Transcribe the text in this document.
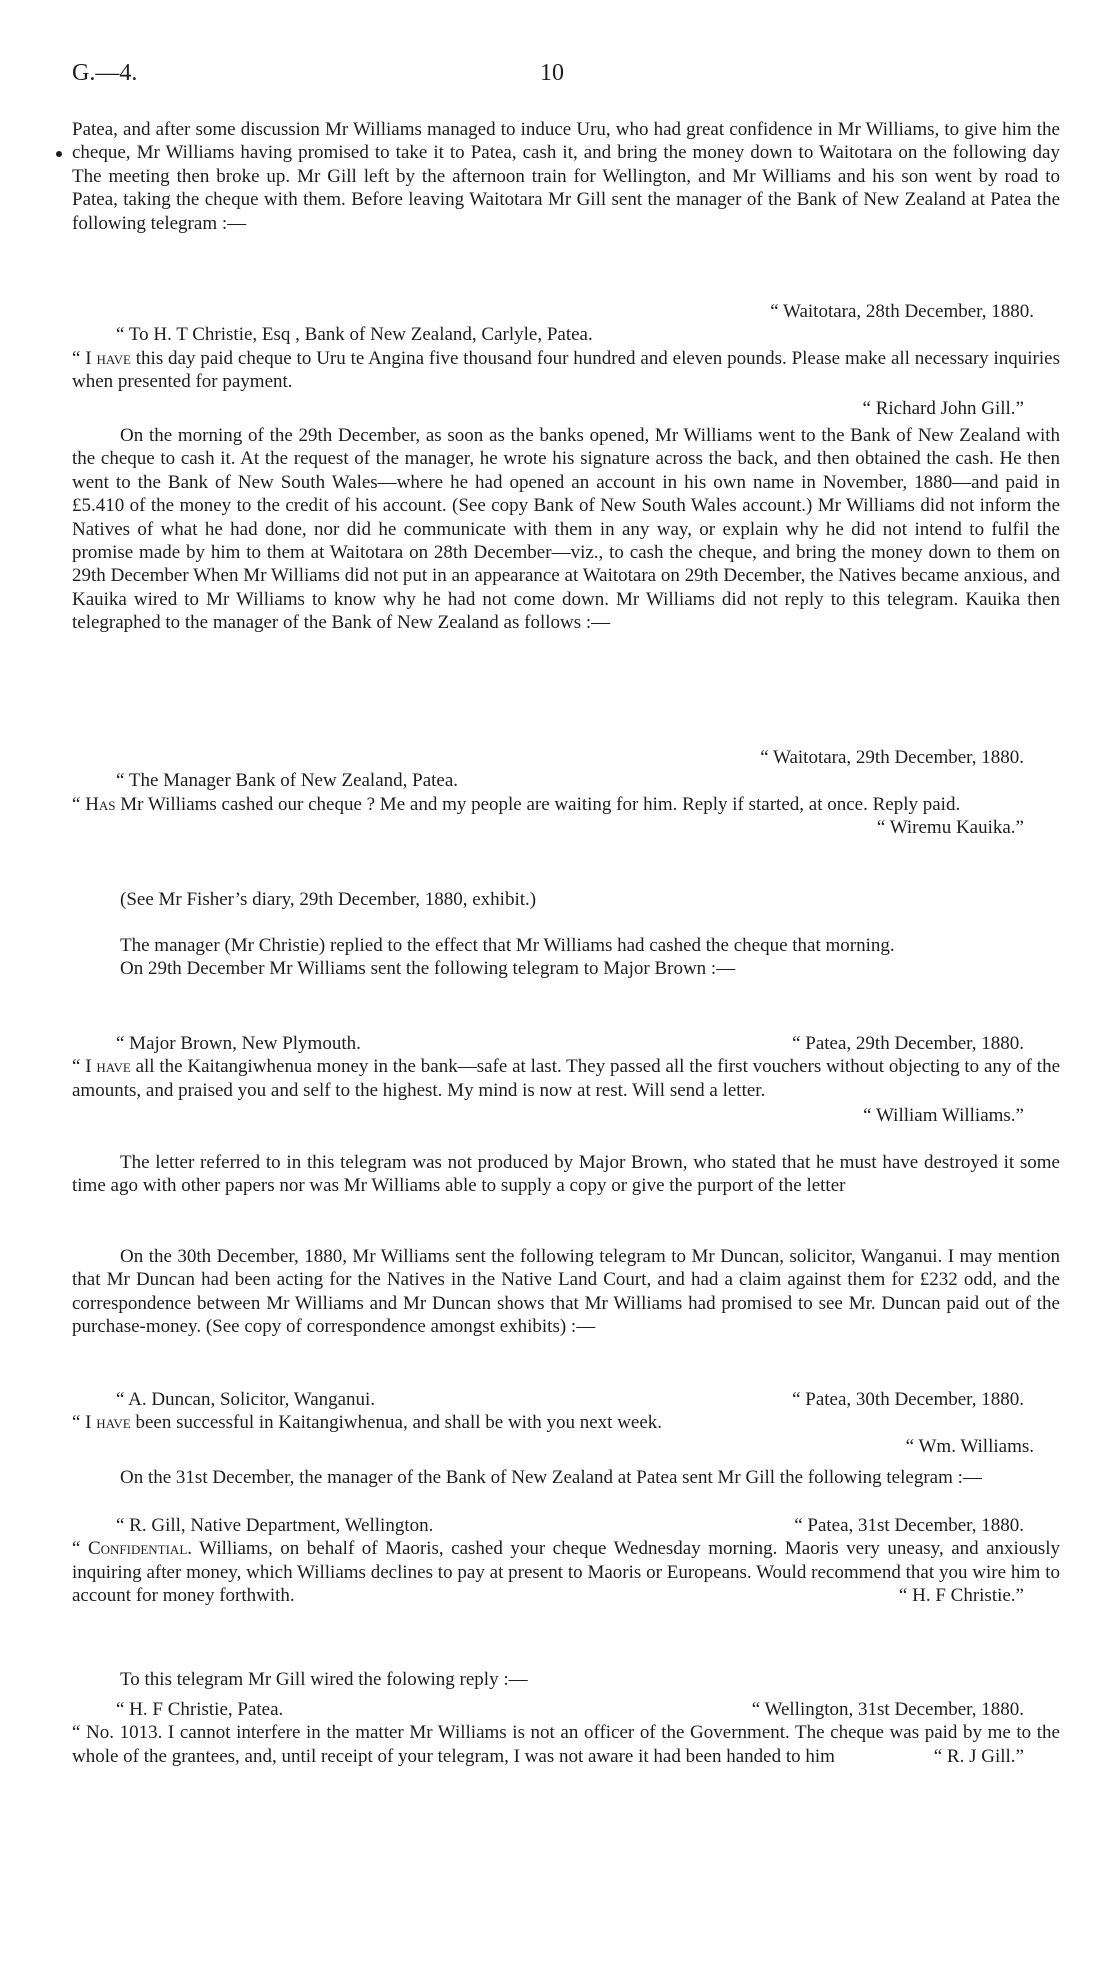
G.—4.	10

Patea, and after some discussion Mr Williams managed to induce Uru, who had great confidence in Mr Williams, to give him the cheque, Mr Williams having promised to take it to Patea, cash it, and bring the money down to Waitotara on the following day The meeting then broke up. Mr Gill left by the afternoon train for Wellington, and Mr Williams and his son went by road to Patea, taking the cheque with them. Before leaving Waitotara Mr Gill sent the manager of the Bank of New Zealand at Patea the following telegram :—

“ Waitotara, 28th December, 1880.

“ To H. T Christie, Esq , Bank of New Zealand, Carlyle, Patea.

“ I have this day paid cheque to Uru te Angina five thousand four hundred and eleven pounds. Please make all necessary inquiries when presented for payment.

“ Richard John Gill.”

On the morning of the 29th December, as soon as the banks opened, Mr Williams went to the Bank of New Zealand with the cheque to cash it. At the request of the manager, he wrote his signature across the back, and then obtained the cash. He then went to the Bank of New South Wales—where he had opened an account in his own name in November, 1880—and paid in £5.410 of the money to the credit of his account. (See copy Bank of New South Wales account.) Mr Williams did not inform the Natives of what he had done, nor did he communicate with them in any way, or explain why he did not intend to fulfil the promise made by him to them at Waitotara on 28th December—viz., to cash the cheque, and bring the money down to them on 29th December When Mr Williams did not put in an appearance at Waitotara on 29th December, the Natives became anxious, and Kauika wired to Mr Williams to know why he had not come down. Mr Williams did not reply to this telegram. Kauika then telegraphed to the manager of the Bank of New Zealand as follows :—

“ Waitotara, 29th December, 1880.

“ The Manager Bank of New Zealand, Patea.

“ Has Mr Williams cashed our cheque ? Me and my people are waiting for him. Reply if started, at once. Reply paid.

“ Wiremu Kauika.”

(See Mr Fisher’s diary, 29th December, 1880, exhibit.)

The manager (Mr Christie) replied to the effect that Mr Williams had cashed the cheque that morning.

On 29th December Mr Williams sent the following telegram to Major Brown :—

“ Major Brown, New Plymouth.	“ Patea, 29th December, 1880.

“ I have all the Kaitangiwhenua money in the bank—safe at last. They passed all the first vouchers without objecting to any of the amounts, and praised you and self to the highest. My mind is now at rest. Will send a letter.

“ William Williams.”

The letter referred to in this telegram was not produced by Major Brown, who stated that he must have destroyed it some time ago with other papers nor was Mr Williams able to supply a copy or give the purport of the letter

On the 30th December, 1880, Mr Williams sent the following telegram to Mr Duncan, solicitor, Wanganui. I may mention that Mr Duncan had been acting for the Natives in the Native Land Court, and had a claim against them for £232 odd, and the correspondence between Mr Williams and Mr Duncan shows that Mr Williams had promised to see Mr. Duncan paid out of the purchase-money. (See copy of correspondence amongst exhibits) :—

“ A. Duncan, Solicitor, Wanganui.	“ Patea, 30th December, 1880.

“ I have been successful in Kaitangiwhenua, and shall be with you next week.

“ Wm. Williams.

On the 31st December, the manager of the Bank of New Zealand at Patea sent Mr Gill the following telegram :—

“ R. Gill, Native Department, Wellington.	“ Patea, 31st December, 1880.

“ Confidential. Williams, on behalf of Maoris, cashed your cheque Wednesday morning. Maoris very uneasy, and anxiously inquiring after money, which Williams declines to pay at present to Maoris or Europeans. Would recommend that you wire him to account for money forthwith.	“ H. F Christie.”

To this telegram Mr Gill wired the folowing reply :—

“ H. F Christie, Patea.	“ Wellington, 31st December, 1880.

“ No. 1013. I cannot interfere in the matter Mr Williams is not an officer of the Government. The cheque was paid by me to the whole of the grantees, and, until receipt of your telegram, I was not aware it had been handed to him	“ R. J Gill.”
